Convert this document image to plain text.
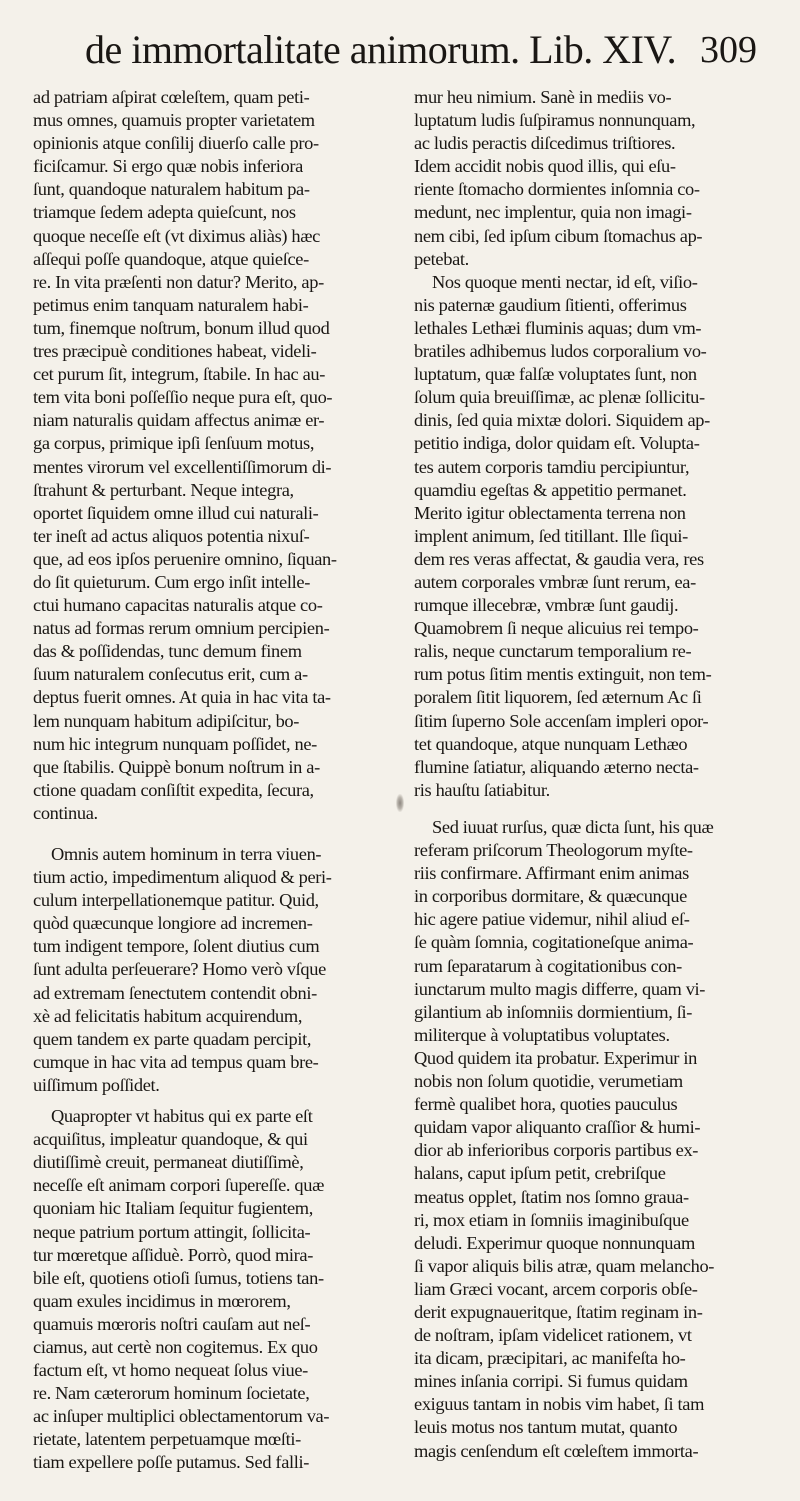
de immortalitate animorum. Lib. XIV. 309
ad patriam aſpirat cœleſtem, quam peti-
mus omnes, quamuis propter varietatem
opinionis atque conſilij diuerſo calle pro-
ficiſcamur. Si ergo quæ nobis inferiora
ſunt, quandoque naturalem habitum pa-
triamque ſedem adepta quieſcunt, nos
quoque neceſſe eſt (vt diximus aliàs) hæc
aſſequi poſſe quandoque, atque quieſce-
re. In vita præſenti non datur? Merito, ap-
petimus enim tanquam naturalem habi-
tum, finemque noſtrum, bonum illud quod
tres præcipuè conditiones habeat, videli-
cet purum ſit, integrum, ſtabile. In hac au-
tem vita boni poſſeſſio neque pura eſt, quo-
niam naturalis quidam affectus animæ er-
ga corpus, primique ipſi ſenſuum motus,
mentes virorum vel excellentiſſimorum di-
ſtrahunt & perturbant. Neque integra,
oportet ſiquidem omne illud cui naturali-
ter ineſt ad actus aliquos potentia nixuſ-
que, ad eos ipſos peruenire omnino, ſiquan-
do ſit quieturum. Cum ergo inſit intelle-
ctui humano capacitas naturalis atque co-
natus ad formas rerum omnium percipien-
das & poſſidendas, tunc demum finem
ſuum naturalem conſecutus erit, cum a-
deptus fuerit omnes. At quia in hac vita ta-
lem nunquam habitum adipiſcitur, bo-
num hic integrum nunquam poſſidet, ne-
que ſtabilis. Quippè bonum noſtrum in a-
ctione quadam conſiſtit expedita, ſecura,
continua.
Omnis autem hominum in terra viuen-
tium actio, impedimentum aliquod & peri-
culum interpellationemque patitur. Quid,
quòd quæcunque longiore ad incremen-
tum indigent tempore, ſolent diutius cum
ſunt adulta perſeuerare? Homo verò vſque
ad extremam ſenectutem contendit obni-
xè ad felicitatis habitum acquirendum,
quem tandem ex parte quadam percipit,
cumque in hac vita ad tempus quam bre-
uiſſimum poſſidet.
Quapropter vt habitus qui ex parte eſt
acquiſitus, impleatur quandoque, & qui
diutiſſimè creuit, permaneat diutiſſimè,
neceſſe eſt animam corpori ſupereſſe. quæ
quoniam hic Italiam ſequitur fugientem,
neque patrium portum attingit, ſollicita-
tur mœretque aſſiduè. Porrò, quod mira-
bile eſt, quotiens otioſi ſumus, totiens tan-
quam exules incidimus in mœrorem,
quamuis mœroris noſtri cauſam aut neſ-
ciamus, aut certè non cogitemus. Ex quo
factum eſt, vt homo nequeat ſolus viue-
re. Nam cæterorum hominum ſocietate,
ac inſuper multiplici oblectamentorum va-
rietate, latentem perpetuamque mœſti-
tiam expellere poſſe putamus. Sed falli-
mur heu nimium. Sanè in mediis vo-
luptatum ludis ſuſpiramus nonnunquam,
ac ludis peractis diſcedimus triſtiores.
Idem accidit nobis quod illis, qui eſu-
riente ſtomacho dormientes inſomnia co-
medunt, nec implentur, quia non imagi-
nem cibi, ſed ipſum cibum ſtomachus ap-
petebat.
Nos quoque menti nectar, id eſt, viſio-
nis paternæ gaudium ſitienti, offerimus
lethales Lethæi fluminis aquas; dum vm-
bratiles adhibemus ludos corporalium vo-
luptatum, quæ falſæ voluptates ſunt, non
ſolum quia breuiſſimæ, ac plenæ ſollicitu-
dinis, ſed quia mixtæ dolori. Siquidem ap-
petitio indiga, dolor quidam eſt. Volupta-
tes autem corporis tamdiu percipiuntur,
quamdiu egeſtas & appetitio permanet.
Merito igitur oblectamenta terrena non
implent animum, ſed titillant. Ille ſiqui-
dem res veras affectat, & gaudia vera, res
autem corporales vmbræ ſunt rerum, ea-
rumque illecebræ, vmbræ ſunt gaudij.
Quamobrem ſi neque alicuius rei tempo-
ralis, neque cunctarum temporalium re-
rum potus ſitim mentis extinguit, non tem-
poralem ſitit liquorem, ſed æternum Ac ſi
ſitim ſuperno Sole accenſam implerі opor-
tet quandoque, atque nunquam Lethæo
flumine ſatiatur, aliquando æterno necta-
ris hauſtu ſatiabitur.
Sed iuuat rurſus, quæ dicta ſunt, his quæ
referam priſcorum Theologorum myſte-
riis confirmare. Affirmant enim animas
in corporibus dormitare, & quæcunque
hic agere patiue videmur, nihil aliud eſ-
ſe quàm ſomnia, cogitationeſque anima-
rum ſeparatarum à cogitationibus con-
iunctarum multo magis differre, quam vi-
gilantium ab inſomniis dormientium, ſi-
militerque à voluptatibus voluptates.
Quod quidem ita probatur. Experimur in
nobis non ſolum quotidie, verumetiam
fermè qualibet hora, quoties pauculus
quidam vapor aliquanto craſſior & humi-
dior ab inferioribus corporis partibus ex-
halans, caput ipſum petit, crebriſque
meatus opplet, ſtatim nos ſomno graua-
ri, mox etiam in ſomniis imaginibuſque
deludi. Experimur quoque nonnunquam
ſi vapor aliquis bilis atræ, quam melancho-
liam Græci vocant, arcem corporis obſe-
derit expugnaueritque, ſtatim reginam in-
de noſtram, ipſam videlicet rationem, vt
ita dicam, præcipitari, ac manifeſta ho-
mines inſania corripi. Si fumus quidam
exiguus tantam in nobis vim habet, ſi tam
leuis motus nos tantum mutat, quanto
magis cenſendum eſt cœleſtem immorta-
